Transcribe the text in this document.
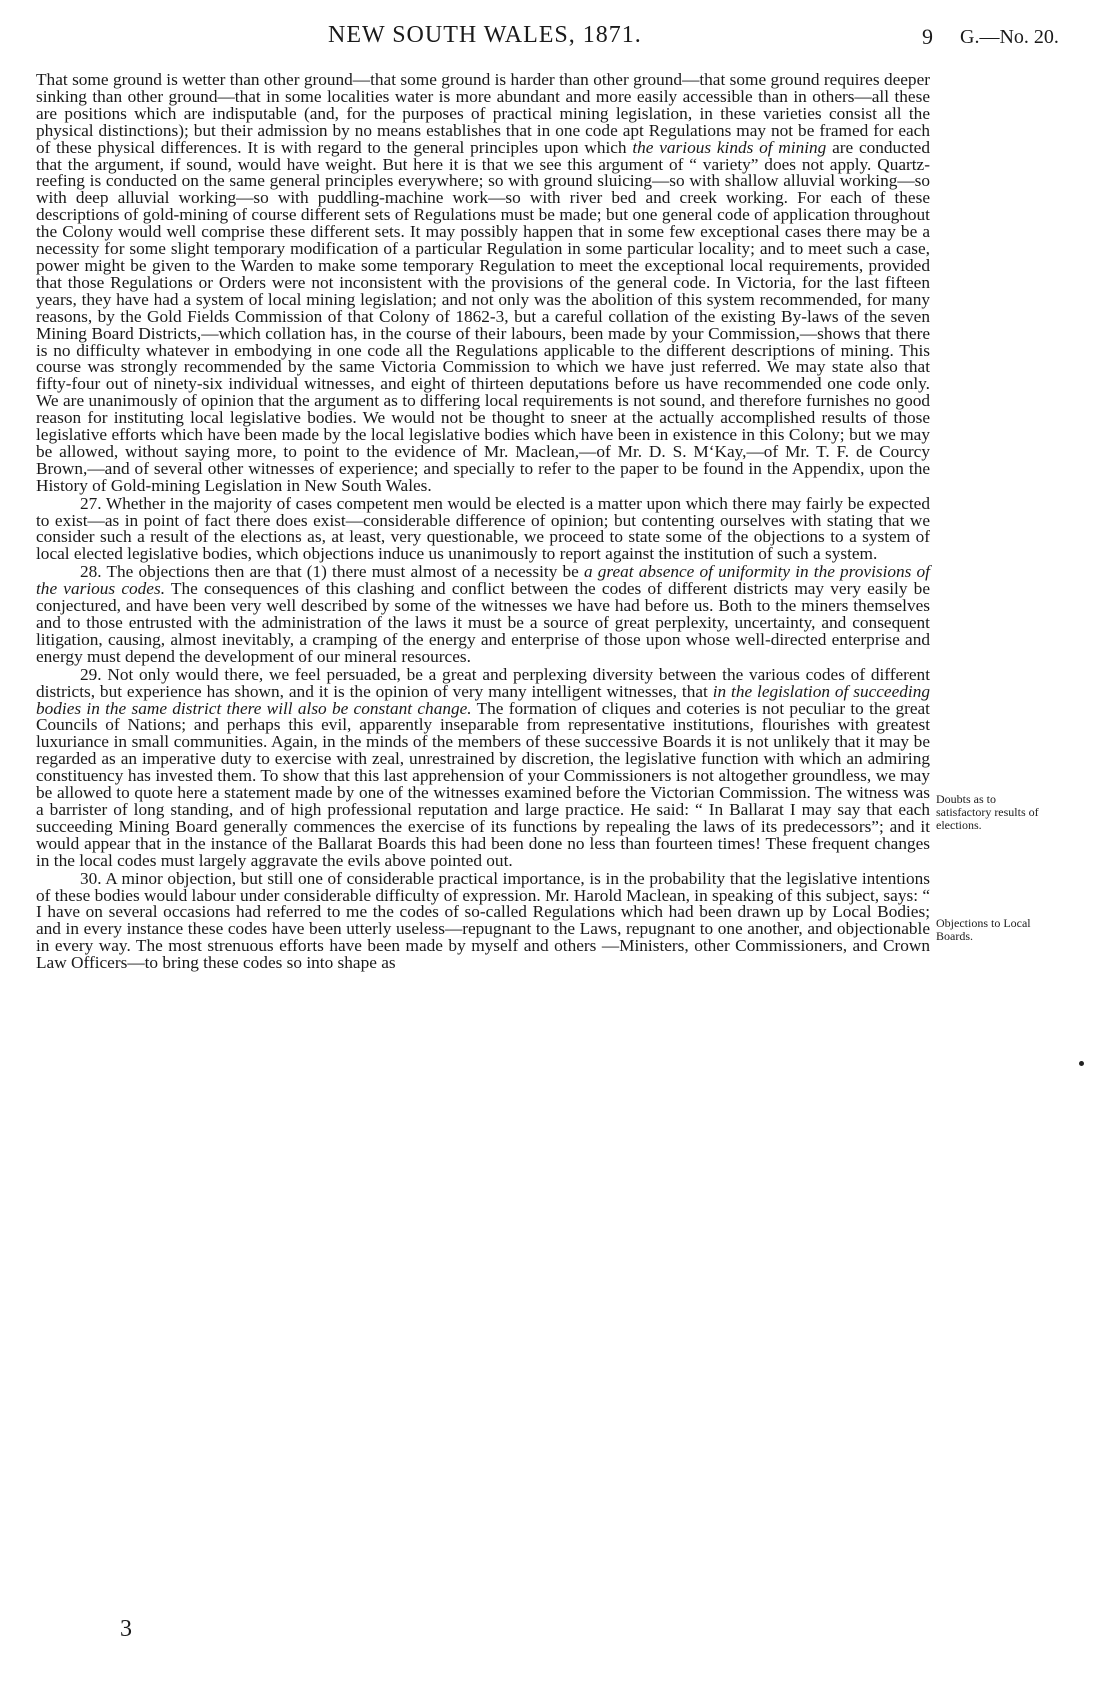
NEW SOUTH WALES, 1871.	9 G.—No. 20.

That some ground is wetter than other ground—that some ground is harder than other ground—that some ground requires deeper sinking than other ground—that in some localities water is more abundant and more easily accessible than in others—all these are positions which are indisputable (and, for the purposes of practical mining legislation, in these varieties consist all the physical distinctions); but their admission by no means establishes that in one code apt Regulations may not be framed for each of these physical differences. It is with regard to the general principles upon which the various kinds of mining are conducted that the argument, if sound, would have weight. But here it is that we see this argument of “ variety” does not apply. Quartz-reefing is conducted on the same general principles everywhere; so with ground sluicing—so with shallow alluvial working—so with deep alluvial working—so with puddling-machine work—so with river bed and creek working. For each of these descriptions of gold-mining of course different sets of Regulations must be made; but one general code of application throughout the Colony would well comprise these different sets. It may possibly happen that in some few exceptional cases there may be a necessity for some slight temporary modification of a particular Regulation in some particular locality; and to meet such a case, power might be given to the Warden to make some temporary Regulation to meet the exceptional local requirements, provided that those Regulations or Orders were not inconsistent with the provisions of the general code. In Victoria, for the last fifteen years, they have had a system of local mining legislation; and not only was the abolition of this system recommended, for many reasons, by the Gold Fields Commission of that Colony of 1862-3, but a careful collation of the existing By-laws of the seven Mining Board Districts,—which collation has, in the course of their labours, been made by your Commission,—shows that there is no difficulty whatever in embodying in one code all the Regulations applicable to the different descriptions of mining. This course was strongly recommended by the same Victoria Commission to which we have just referred. We may state also that fifty-four out of ninety-six individual witnesses, and eight of thirteen deputations before us have recommended one code only. We are unanimously of opinion that the argument as to differing local requirements is not sound, and therefore furnishes no good reason for instituting local legislative bodies. We would not be thought to sneer at the actually accomplished results of those legislative efforts which have been made by the local legislative bodies which have been in existence in this Colony; but we may be allowed, without saying more, to point to the evidence of Mr. Maclean,—of Mr. D. S. M‘Kay,—of Mr. T. F. de Courcy Brown,—and of several other witnesses of experience; and specially to refer to the paper to be found in the Appendix, upon the History of Gold-mining Legislation in New South Wales.

27. Whether in the majority of cases competent men would be elected is a matter upon which there may fairly be expected to exist—as in point of fact there does exist—considerable difference of opinion; but contenting ourselves with stating that we consider such a result of the elections as, at least, very questionable, we proceed to state some of the objections to a system of local elected legislative bodies, which objections induce us unanimously to report against the institution of such a system.

28. The objections then are that (1) there must almost of a necessity be a great absence of uniformity in the provisions of the various codes. The consequences of this clashing and conflict between the codes of different districts may very easily be conjectured, and have been very well described by some of the witnesses we have had before us. Both to the miners themselves and to those entrusted with the administration of the laws it must be a source of great perplexity, uncertainty, and consequent litigation, causing, almost inevitably, a cramping of the energy and enterprise of those upon whose well-directed enterprise and energy must depend the development of our mineral resources.

29. Not only would there, we feel persuaded, be a great and perplexing diversity between the various codes of different districts, but experience has shown, and it is the opinion of very many intelligent witnesses, that in the legislation of succeeding bodies in the same district there will also be constant change. The formation of cliques and coteries is not peculiar to the great Councils of Nations; and perhaps this evil, apparently inseparable from representative institutions, flourishes with greatest luxuriance in small communities. Again, in the minds of the members of these successive Boards it is not unlikely that it may be regarded as an imperative duty to exercise with zeal, unrestrained by discretion, the legislative function with which an admiring constituency has invested them. To show that this last apprehension of your Commissioners is not altogether groundless, we may be allowed to quote here a statement made by one of the witnesses examined before the Victorian Commission. The witness was a barrister of long standing, and of high professional reputation and large practice. He said: “ In Ballarat I may say that each succeeding Mining Board generally commences the exercise of its functions by repealing the laws of its predecessors”; and it would appear that in the instance of the Ballarat Boards this had been done no less than fourteen times! These frequent changes in the local codes must largely aggravate the evils above pointed out.

30. A minor objection, but still one of considerable practical importance, is in the probability that the legislative intentions of these bodies would labour under considerable difficulty of expression. Mr. Harold Maclean, in speaking of this subject, says: “ I have on several occasions had referred to me the codes of so-called Regulations which had been drawn up by Local Bodies; and in every instance these codes have been utterly useless—repugnant to the Laws, repugnant to one another, and objectionable in every way. The most strenuous efforts have been made by myself and others —Ministers, other Commissioners, and Crown Law Officers—to bring these codes so into shape as

Doubts as to satisfactory results of elections.
Objections to Local Boards.
3
